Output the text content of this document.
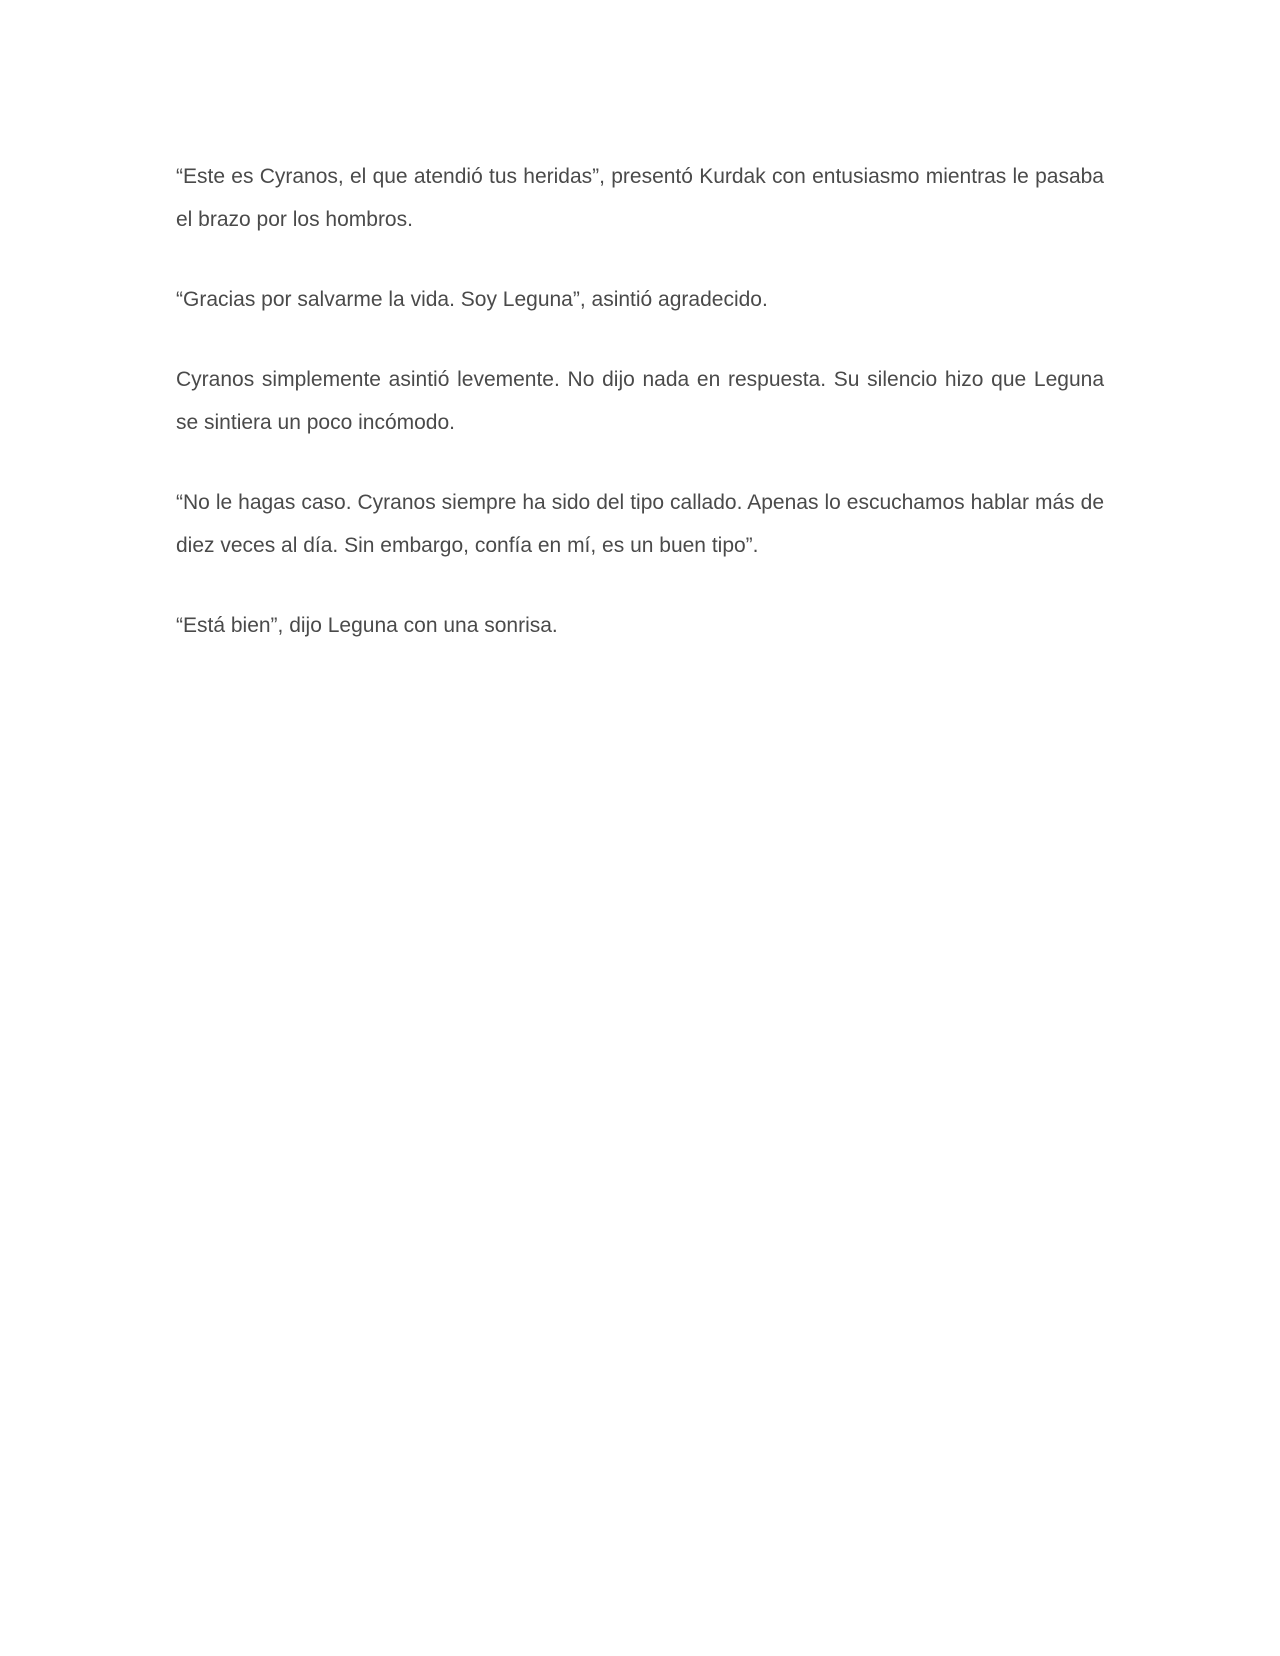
“Este es Cyranos, el que atendió tus heridas”, presentó Kurdak con entusiasmo mientras le pasaba el brazo por los hombros.

“Gracias por salvarme la vida. Soy Leguna”, asintió agradecido.

Cyranos simplemente asintió levemente. No dijo nada en respuesta. Su silencio hizo que Leguna se sintiera un poco incómodo.

“No le hagas caso. Cyranos siempre ha sido del tipo callado. Apenas lo escuchamos hablar más de diez veces al día. Sin embargo, confía en mí, es un buen tipo”.

“Está bien”, dijo Leguna con una sonrisa.
